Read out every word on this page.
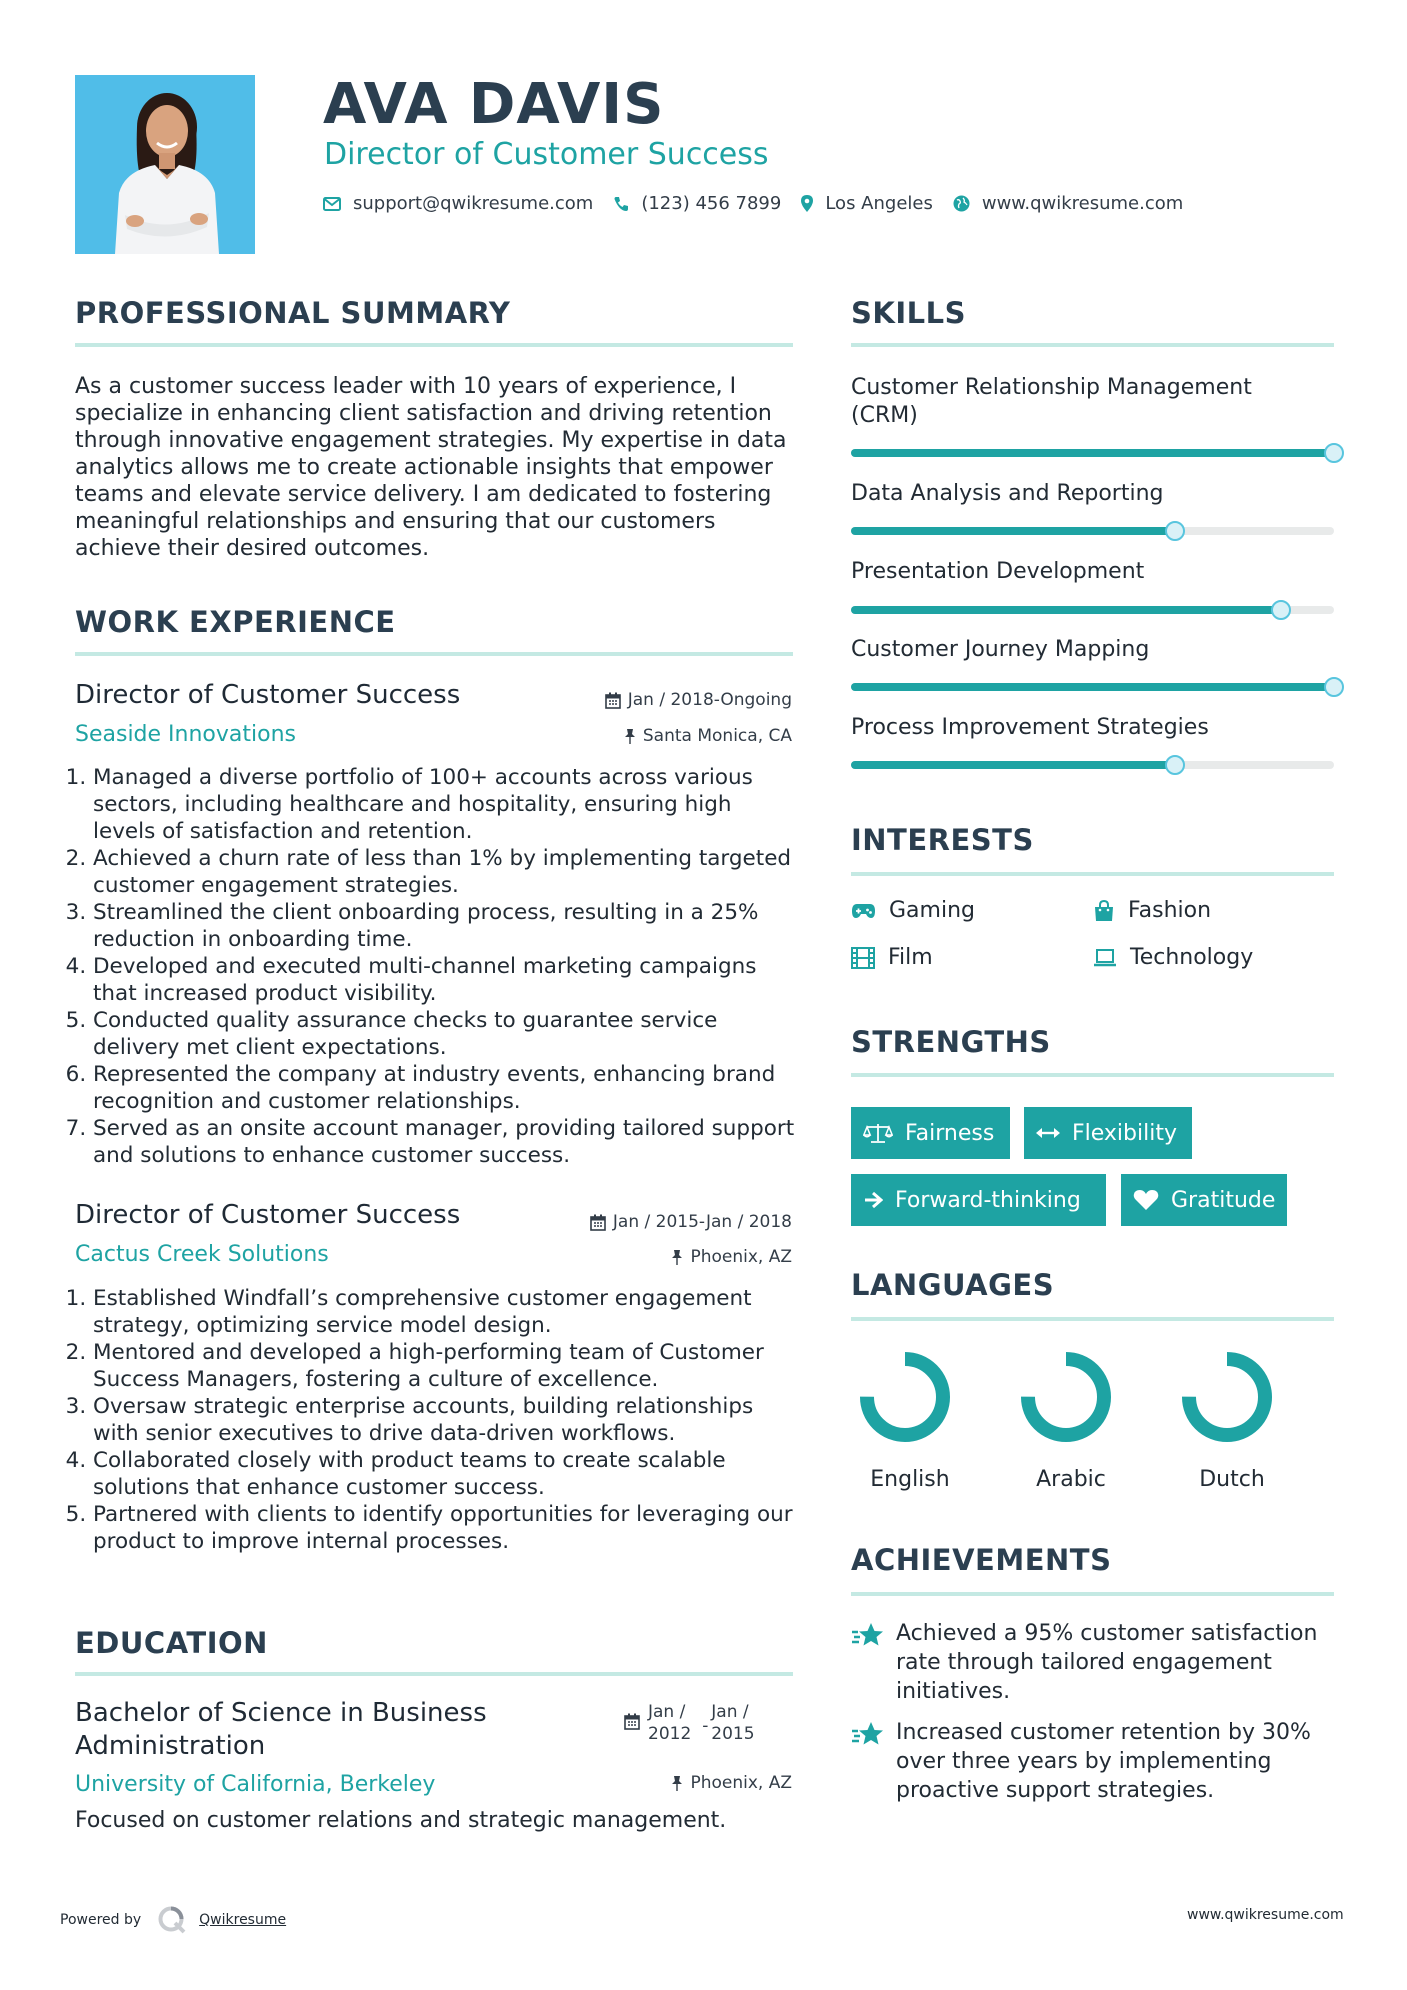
AVA DAVIS
Director of Customer Success
support@qwikresume.com	(123) 456 7899 Los Angeles	www.qwikresume.com
PROFESSIONAL SUMMARY
As a customer success leader with 10 years of experience, I specialize in enhancing client satisfaction and driving retention through innovative engagement strategies. My expertise in data analytics allows me to create actionable insights that empower teams and elevate service delivery. I am dedicated to fostering meaningful relationships and ensuring that our customers achieve their desired outcomes.
WORK EXPERIENCE
Director of Customer Success	Jan / 2018-Ongoing
Seaside Innovations	Santa Monica, CA
1. Managed a diverse portfolio of 100+ accounts across various sectors, including healthcare and hospitality, ensuring high levels of satisfaction and retention.
2. Achieved a churn rate of less than 1% by implementing targeted customer engagement strategies.
3. Streamlined the client onboarding process, resulting in a 25% reduction in onboarding time.
4. Developed and executed multi-channel marketing campaigns that increased product visibility.
5. Conducted quality assurance checks to guarantee service delivery met client expectations.
6. Represented the company at industry events, enhancing brand recognition and customer relationships.
7. Served as an onsite account manager, providing tailored support and solutions to enhance customer success.
Director of Customer Success	Jan / 2015-Jan / 2018
Cactus Creek Solutions	Phoenix, AZ
1. Established Windfall’s comprehensive customer engagement strategy, optimizing service model design.
2. Mentored and developed a high-performing team of Customer Success Managers, fostering a culture of excellence.
3. Oversaw strategic enterprise accounts, building relationships with senior executives to drive data-driven workflows.
4. Collaborated closely with product teams to create scalable solutions that enhance customer success.
5. Partnered with clients to identify opportunities for leveraging our product to improve internal processes.
EDUCATION
Bachelor of Science in Business
Administration
Jan /
2012 -
Jan /
2015
University of California, Berkeley	Phoenix, AZ
Focused on customer relations and strategic management.
SKILLS
Customer Relationship Management (CRM)
Data Analysis and Reporting
Presentation Development
Customer Journey Mapping
Process Improvement Strategies
INTERESTS
Gaming	Fashion
Film	Technology
STRENGTHS
Fairness	Flexibility
Forward-thinking	Gratitude
LANGUAGES
English	Arabic	Dutch
ACHIEVEMENTS
Achieved a 95% customer satisfaction rate through tailored engagement initiatives.
Increased customer retention by 30% over three years by implementing proactive support strategies.
Powered by	Qwikresume	www.qwikresume.com
